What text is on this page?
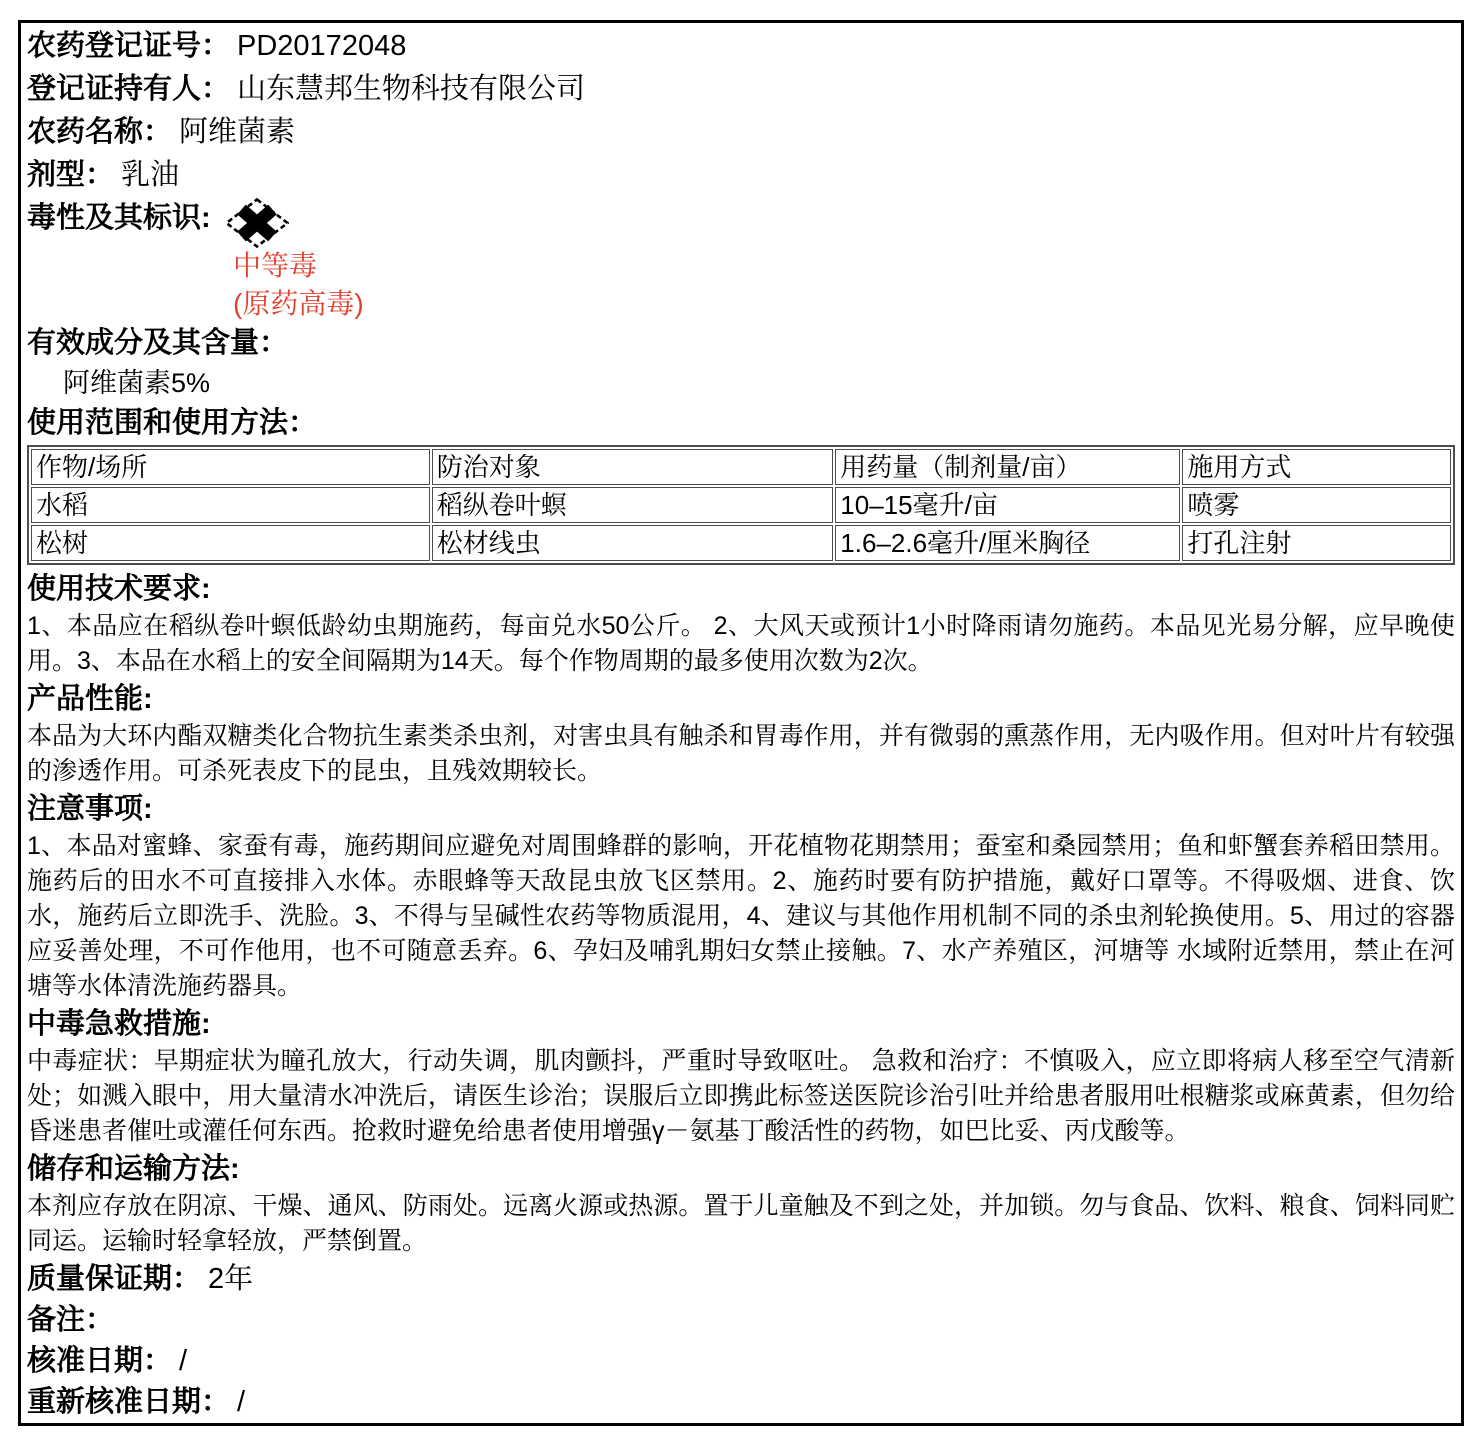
农药登记证号： PD20172048
登记证持有人： 山东慧邦生物科技有限公司
农药名称： 阿维菌素
剂型： 乳油
毒性及其标识:
中等毒
(原药高毒)
有效成分及其含量：
阿维菌素5%
使用范围和使用方法：
作物/场所	防治对象	用药量（制剂量/亩）	施用方式
水稻	稻纵卷叶螟	10–15毫升/亩	喷雾
松树	松材线虫	1.6–2.6毫升/厘米胸径	打孔注射
使用技术要求:
1、本品应在稻纵卷叶螟低龄幼虫期施药，每亩兑水50公斤。 2、大风天或预计1小时降雨请勿施药。本品见光易分解，应早晚使用。3、本品在水稻上的安全间隔期为14天。每个作物周期的最多使用次数为2次。
产品性能:
本品为大环内酯双糖类化合物抗生素类杀虫剂，对害虫具有触杀和胃毒作用，并有微弱的熏蒸作用，无内吸作用。但对叶片有较强的渗透作用。可杀死表皮下的昆虫，且残效期较长。
注意事项:
1、本品对蜜蜂、家蚕有毒，施药期间应避免对周围蜂群的影响，开花植物花期禁用；蚕室和桑园禁用；鱼和虾蟹套养稻田禁用。施药后的田水不可直接排入水体。赤眼蜂等天敌昆虫放飞区禁用。2、施药时要有防护措施，戴好口罩等。不得吸烟、进食、饮水，施药后立即洗手、洗脸。3、不得与呈碱性农药等物质混用，4、建议与其他作用机制不同的杀虫剂轮换使用。5、用过的容器应妥善处理，不可作他用，也不可随意丢弃。6、孕妇及哺乳期妇女禁止接触。7、水产养殖区，河塘等 水域附近禁用，禁止在河塘等水体清洗施药器具。
中毒急救措施:
中毒症状：早期症状为瞳孔放大，行动失调，肌肉颤抖，严重时导致呕吐。 急救和治疗：不慎吸入，应立即将病人移至空气清新处；如溅入眼中，用大量清水冲洗后，请医生诊治；误服后立即携此标签送医院诊治引吐并给患者服用吐根糖浆或麻黄素，但勿给昏迷患者催吐或灌任何东西。抢救时避免给患者使用增强γ－氨基丁酸活性的药物，如巴比妥、丙戊酸等。
储存和运输方法:
本剂应存放在阴凉、干燥、通风、防雨处。远离火源或热源。置于儿童触及不到之处，并加锁。勿与食品、饮料、粮食、饲料同贮同运。运输时轻拿轻放，严禁倒置。
质量保证期： 2年
备注：
核准日期： /
重新核准日期： /
